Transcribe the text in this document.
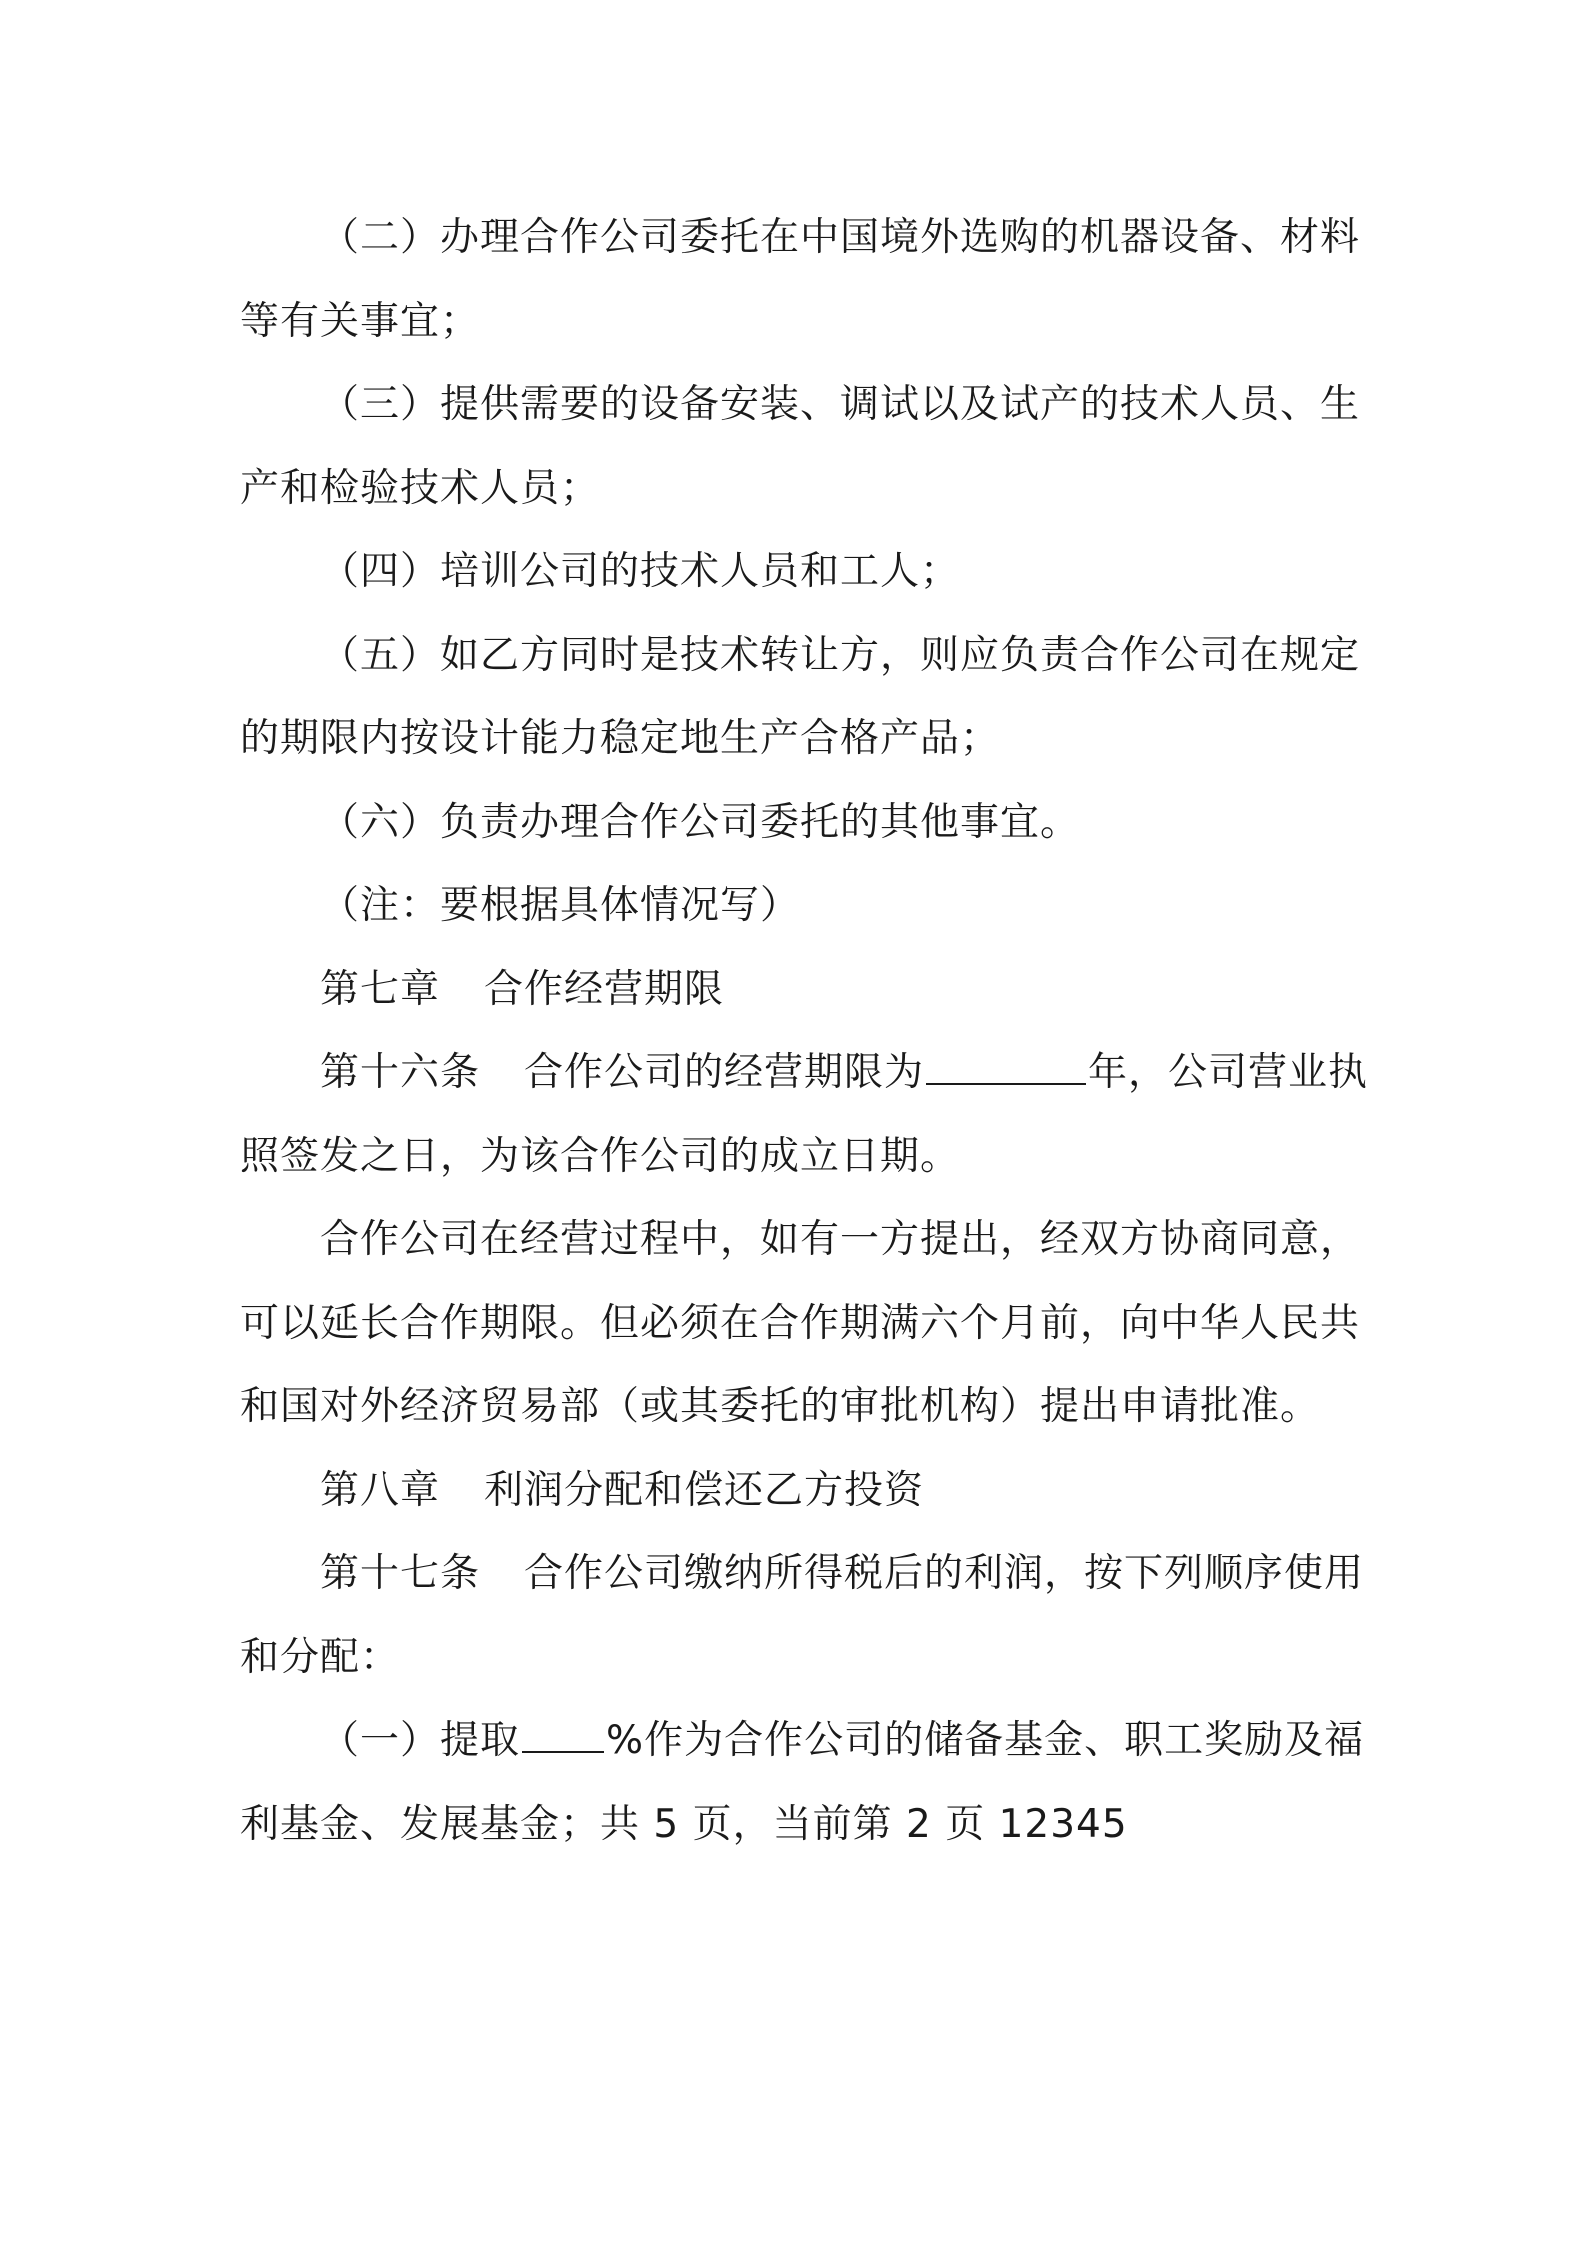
（二）办理合作公司委托在中国境外选购的机器设备、材料

等有关事宜；

（三）提供需要的设备安装、调试以及试产的技术人员、生

产和检验技术人员；

（四）培训公司的技术人员和工人；

（五）如乙方同时是技术转让方，则应负责合作公司在规定

的期限内按设计能力稳定地生产合格产品；

（六）负责办理合作公司委托的其他事宜。

（注：要根据具体情况写）

第七章 合作经营期限

第十六条 合作公司的经营期限为	年，公司营业执

照签发之日，为该合作公司的成立日期。

合作公司在经营过程中，如有一方提出，经双方协商同意，

可以延长合作期限。但必须在合作期满六个月前，向中华人民共

和国对外经济贸易部（或其委托的审批机构）提出申请批准。

第八章 利润分配和偿还乙方投资

第十七条 合作公司缴纳所得税后的利润，按下列顺序使用

和分配：

（一）提取 %作为合作公司的储备基金、职工奖励及福

利基金、发展基金；共 5 页，当前第 2 页 12345
